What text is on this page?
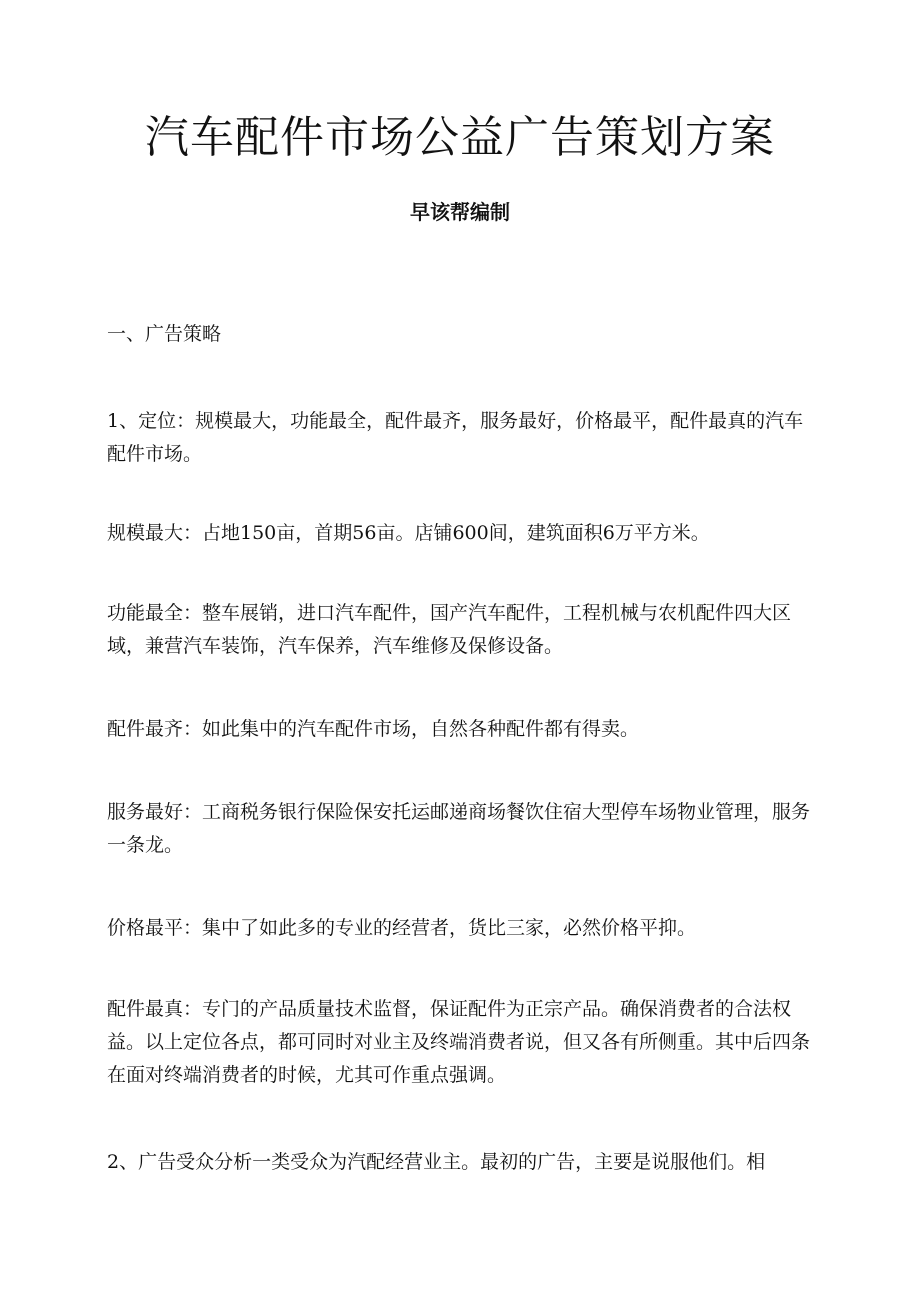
汽车配件市场公益广告策划方案
早该帮编制

一、广告策略

1、定位：规模最大，功能最全，配件最齐，服务最好，价格最平，配件最真的汽车配件市场。

规模最大：占地150亩，首期56亩。店铺600间，建筑面积6万平方米。

功能最全：整车展销，进口汽车配件，国产汽车配件，工程机械与农机配件四大区域，兼营汽车装饰，汽车保养，汽车维修及保修设备。

配件最齐：如此集中的汽车配件市场，自然各种配件都有得卖。

服务最好：工商税务银行保险保安托运邮递商场餐饮住宿大型停车场物业管理，服务一条龙。

价格最平：集中了如此多的专业的经营者，货比三家，必然价格平抑。

配件最真：专门的产品质量技术监督，保证配件为正宗产品。确保消费者的合法权益。以上定位各点，都可同时对业主及终端消费者说，但又各有所侧重。其中后四条在面对终端消费者的时候，尤其可作重点强调。

2、广告受众分析一类受众为汽配经营业主。最初的广告，主要是说服他们。相
